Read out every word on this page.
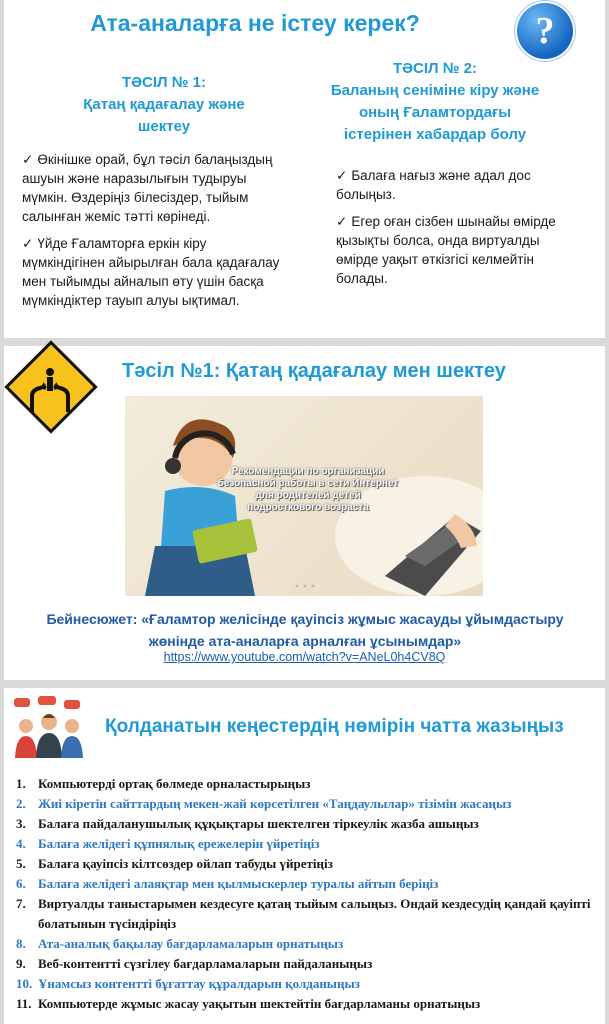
Ата-аналарға не істеу керек?	?
ТӘСІЛ № 1:
Қатаң қадағалау және
шектеу
ТӘСІЛ № 2:
Баланың сеніміне кіру және
оның Ғаламтордағы
істерінен хабардар болу
✓ Өкінішке орай, бұл тәсіл балаңыздың ашуын және наразылығын тудыруы мүмкін. Өздеріңіз білесіздер, тыйым салынған жеміс тәтті көрінеді.
✓ Үйде Ғаламторға еркін кіру мүмкіндігінен айырылған бала қадағалау мен тыйымды айналып өту үшін басқа мүмкіндіктер тауып алуы ықтимал.
✓ Балаға нағыз және адал дос болыңыз.
✓ Егер оған сізбен шынайы өмірде қызықты болса, онда виртуалды өмірде уақыт өткізгісі келмейтін болады.
Тәсіл №1: Қатаң қадағалау мен шектеу
Рекомендации по организации
безопасной работы в сети Интернет
для родителей детей
подросткового возраста
Бейнесюжет: «Ғаламтор желісінде қауіпсіз жұмыс жасауды ұйымдастыру
жөнінде ата-аналарға арналған ұсынымдар»
https://www.youtube.com/watch?v=ANeL0h4CV8Q
Қолданатын кеңестердің нөмірін чатта жазыңыз
1. Компьютерді ортақ бөлмеде орналастырыңыз
2. Жиі кіретін сайттардың мекен-жай көрсетілген «Таңдаулылар» тізімін жасаңыз
3. Балаға пайдаланушылық құқықтары шектелген тіркеулік жазба ашыңыз
4. Балаға желідегі құпиялық ережелерін үйретіңіз
5. Балаға қауіпсіз кілтсөздер ойлап табуды үйретіңіз
6. Балаға желідегі алаяқтар мен қылмыскерлер туралы айтып беріңіз
7. Виртуалды таныстарымен кездесуге қатаң тыйым салыңыз. Ондай кездесудің қандай қауіпті болатынын түсіндіріңіз
8. Ата-аналық бақылау бағдарламаларын орнатыңыз
9. Веб-контентті сүзгілеу бағдарламаларын пайдаланыңыз
10. Ұнамсыз контентті бұғаттау құралдарын қолданыңыз
11. Компьютерде жұмыс жасау уақытын шектейтін бағдарламаны орнатыңыз
